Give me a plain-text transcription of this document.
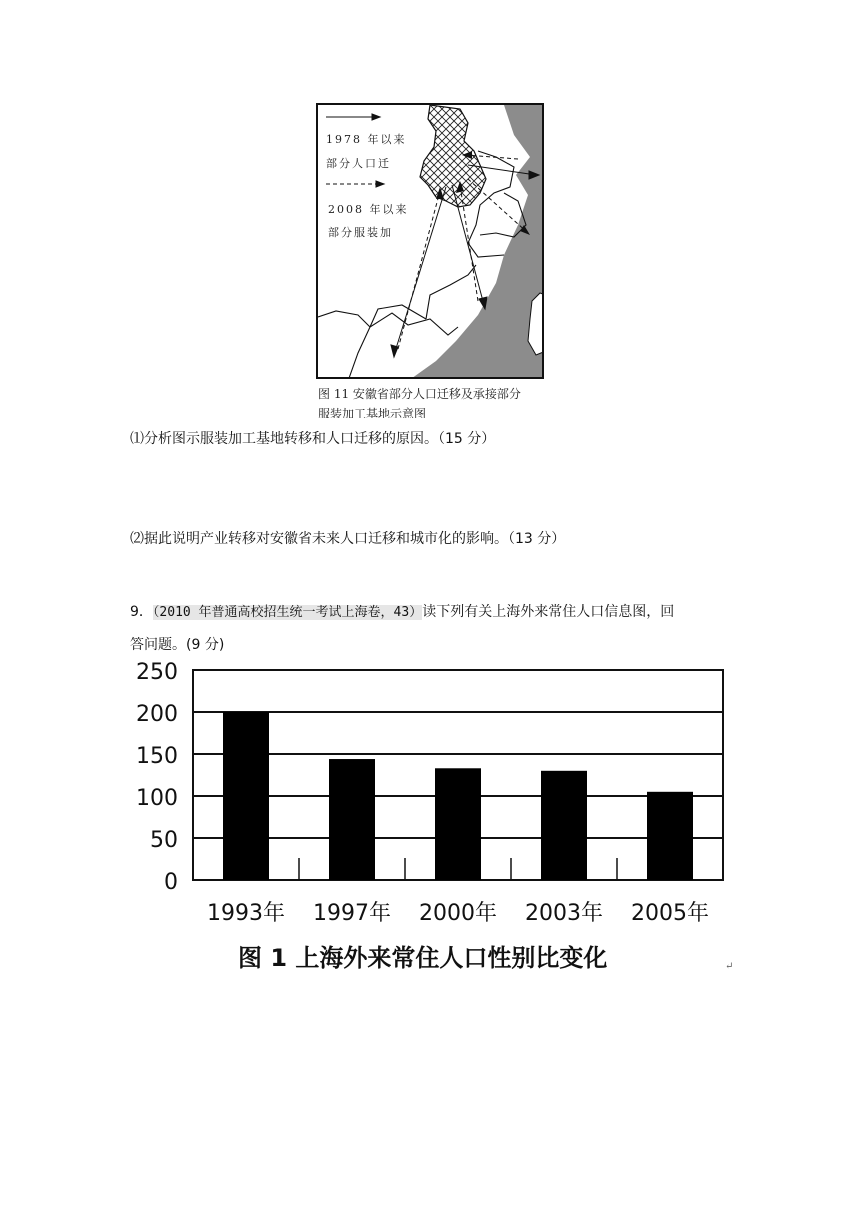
1978 年以来
部分人口迁
2008 年以来
部分服装加
图 11 安徽省部分人口迁移及承接部分
服装加工基地示意图
⑴分析图示服装加工基地转移和人口迁移的原因。（15 分）
⑵据此说明产业转移对安徽省未来人口迁移和城市化的影响。（13 分）
9．（2010 年普通高校招生统一考试上海卷，43）读下列有关上海外来常住人口信息图，回
答问题。(9 分)
0
50
100
150
200
250
1993年 1997年 2000年 2003年 2005年
图 1 上海外来常住人口性别比变化	↵
